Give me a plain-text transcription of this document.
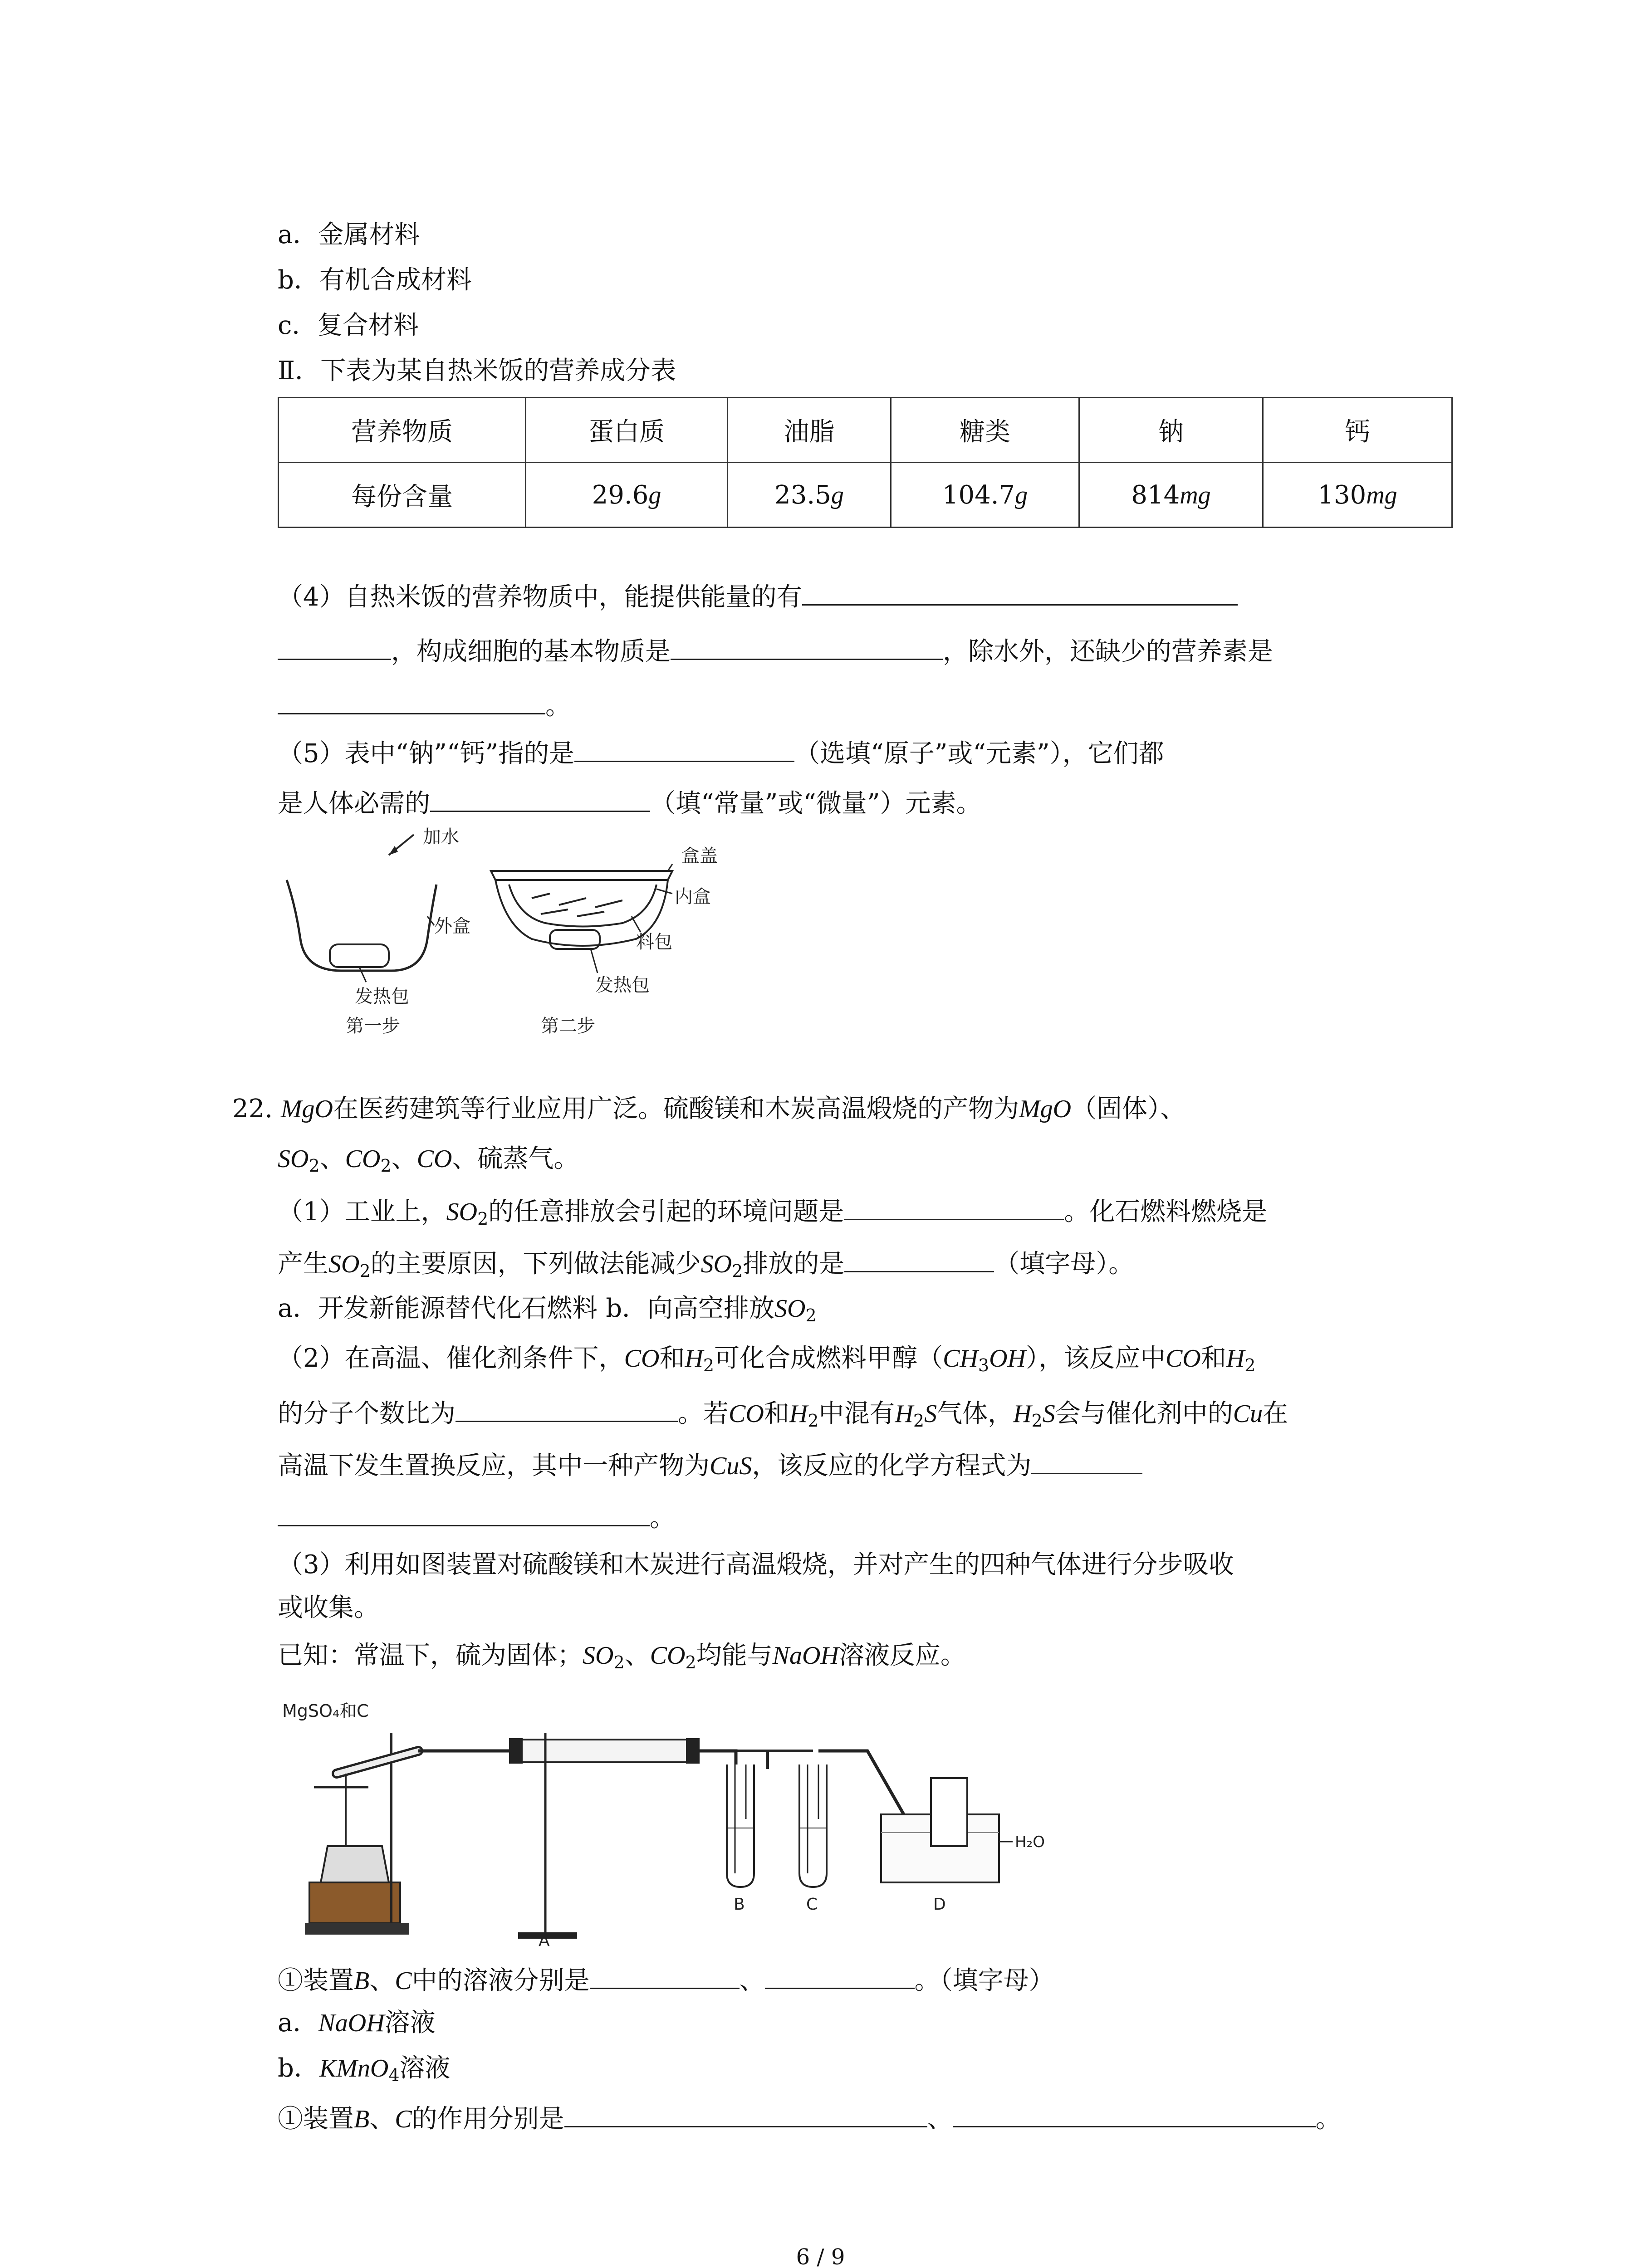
a．金属材料
b．有机合成材料
c．复合材料
Ⅱ．下表为某自热米饭的营养成分表
营养物质	蛋白质	油脂	糖类	钠	钙
每份含量	29.6g	23.5g	104.7g	814mg	130mg
（4）自热米饭的营养物质中，能提供能量的有
，构成细胞的基本物质是	，除水外，还缺少的营养素是
。
（5）表中“钠”“钙”指的是	（选填“原子”或“元素”），它们都
是人体必需的	（填“常量”或“微量”）元素。
加水
外盒
发热包
第一步
盒盖
内盒
料包
发热包
第二步
22. MgO在医药建筑等行业应用广泛。硫酸镁和木炭高温煅烧的产物为MgO（固体）、
$SO_2$、$CO_2$、CO、硫蒸气。
（1）工业上，$SO_2$的任意排放会引起的环境问题是	。化石燃料燃烧是
产生$SO_2$的主要原因，下列做法能减少$SO_2$排放的是	（填字母）。
a．开发新能源替代化石燃料 b．向高空排放$SO_2$
（2）在高温、催化剂条件下，CO和$H_2$可化合成燃料甲醇$(CH_3OH)$，该反应中CO和$H_2$
的分子个数比为	。若CO和$H_2$中混有$H_2S$气体，$H_2S$会与催化剂中的Cu在
高温下发生置换反应，其中一种产物为CuS，该反应的化学方程式为
。
（3）利用如图装置对硫酸镁和木炭进行高温煅烧，并对产生的四种气体进行分步吸收
或收集。
已知：常温下，硫为固体；$SO_2$、$CO_2$均能与NaOH溶液反应。
MgSO₄和C
A
B	C
H₂O
D
①装置B、C中的溶液分别是	、	。（填字母）
a．NaOH溶液
b．KMnO$_4$溶液
①装置B、C的作用分别是	、	。
6 / 9
